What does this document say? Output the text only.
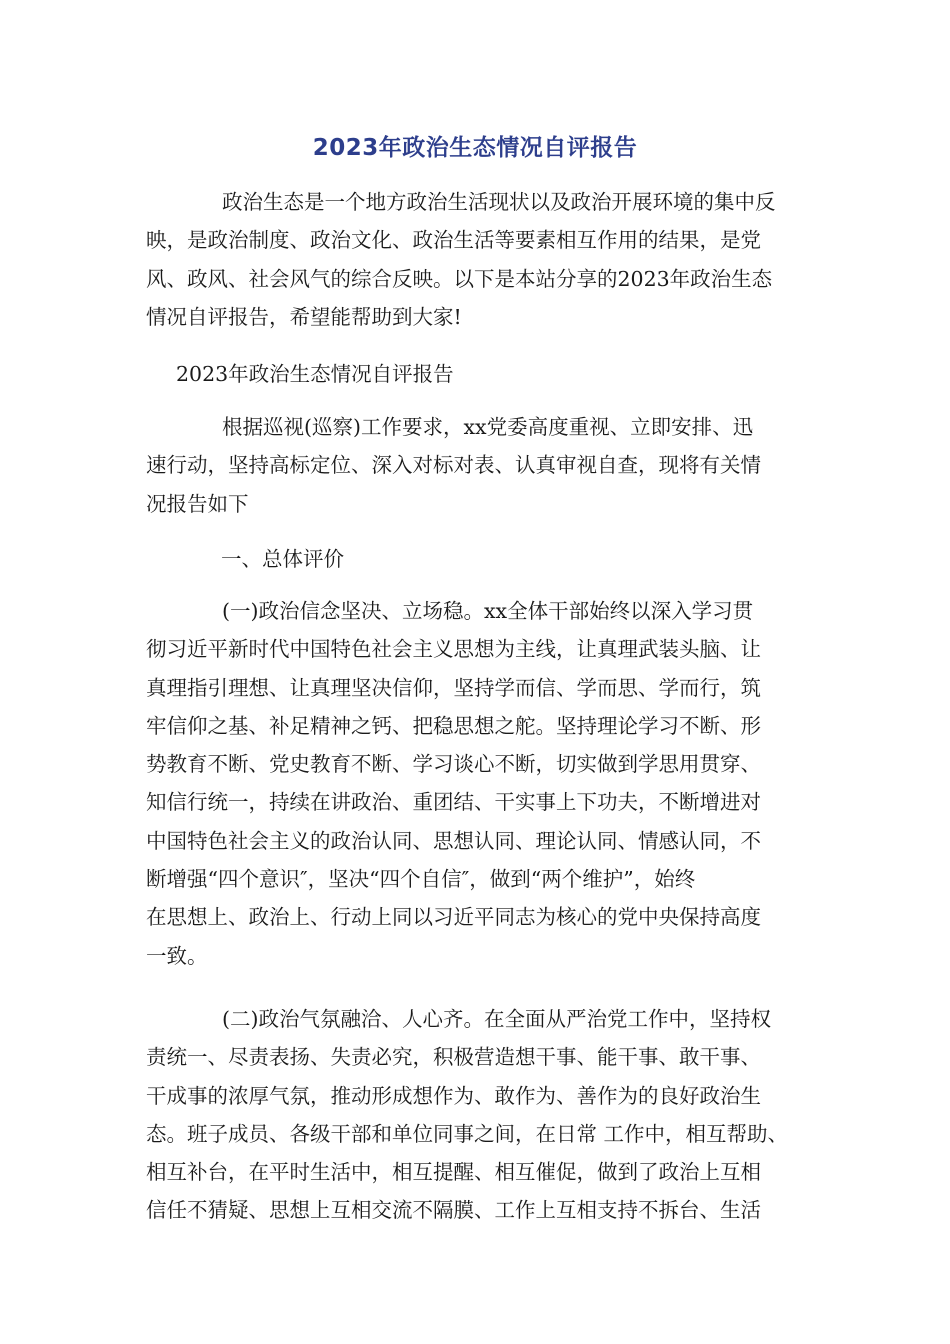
2023年政治生态情况自评报告
政治生态是一个地方政治生活现状以及政治开展环境的集中反
映，是政治制度、政治文化、政治生活等要素相互作用的结果，是党
风、政风、社会风气的综合反映。以下是本站分享的2023年政治生态
情况自评报告，希望能帮助到大家!
2023年政治生态情况自评报告
根据巡视(巡察)工作要求，xx党委高度重视、立即安排、迅
速行动，坚持高标定位、深入对标对表、认真审视自查，现将有关情
况报告如下
一、总体评价
(一)政治信念坚决、立场稳。xx全体干部始终以深入学习贯
彻习近平新时代中国特色社会主义思想为主线，让真理武装头脑、让
真理指引理想、让真理坚决信仰，坚持学而信、学而思、学而行，筑
牢信仰之基、补足精神之钙、把稳思想之舵。坚持理论学习不断、形
势教育不断、党史教育不断、学习谈心不断，切实做到学思用贯穿、
知信行统一，持续在讲政治、重团结、干实事上下功夫，不断增进对
中国特色社会主义的政治认同、思想认同、理论认同、情感认同，不
断增强“四个意识″，坚决“四个自信″，做到“两个维护”，始终
在思想上、政治上、行动上同以习近平同志为核心的党中央保持高度
一致。
(二)政治气氛融洽、人心齐。在全面从严治党工作中，坚持权
责统一、尽责表扬、失责必究，积极营造想干事、能干事、敢干事、
干成事的浓厚气氛，推动形成想作为、敢作为、善作为的良好政治生
态。班子成员、各级干部和单位同事之间，在日常 工作中，相互帮助、
相互补台，在平时生活中，相互提醒、相互催促，做到了政治上互相
信任不猜疑、思想上互相交流不隔膜、工作上互相支持不拆台、生活
